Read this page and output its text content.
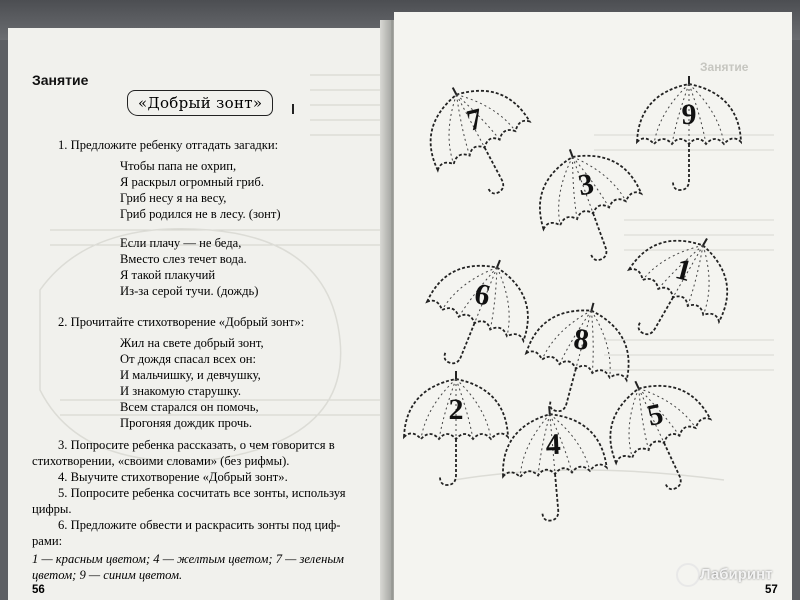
Занятие
«Добрый зонт»
1. Предложите ребенку отгадать загадки:
Чтобы папа не охрип,
Я раскрыл огромный гриб.
Гриб несу я на весу,
Гриб родился не в лесу. (зонт)
Если плачу — не беда,
Вместо слез течет вода.
Я такой плакучий
Из-за серой тучи. (дождь)
2. Прочитайте стихотворение «Добрый зонт»:
Жил на свете добрый зонт,
От дождя спасал всех он:
И мальчишку, и девчушку,
И знакомую старушку.
Всем старался он помочь,
Прогоняя дождик прочь.
3. Попросите ребенка рассказать, о чем говорится в
стихотворении, «своими словами» (без рифмы).
4. Выучите стихотворение «Добрый зонт».
5. Попросите ребенка сосчитать все зонты, используя
цифры.
6. Предложите обвести и раскрасить зонты под циф-
рами:
1 — красным цветом; 4 — желтым цветом; 7 — зеленым
цветом; 9 — синим цветом.
56
Занятие
7	9
3
6
1
8
2
4
5
57
Лабиринт
